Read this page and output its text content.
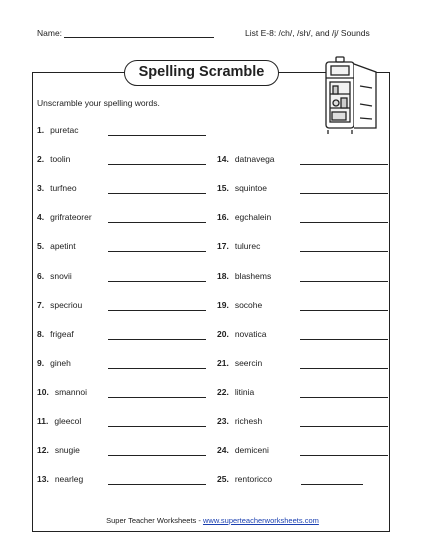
Name:	List E-8: /ch/, /sh/, and /j/ Sounds
Spelling Scramble
Unscramble your spelling words.
1. puretac
2. toolin
3. turfneo
4. grifrateorer
5. apetint
6. snovii
7. specriou
8. frigeaf
9. gineh
10. smannoi
11. gleecol
12. snugie
13. nearleg
14. datnavega
15. squintoe
16. egchalein
17. tulurec
18. blashems
19. socohe
20. novatica
21. seercin
22. litinia
23. richesh
24. demiceni
25. rentoricco
Super Teacher Worksheets - www.superteacherworksheets.com
